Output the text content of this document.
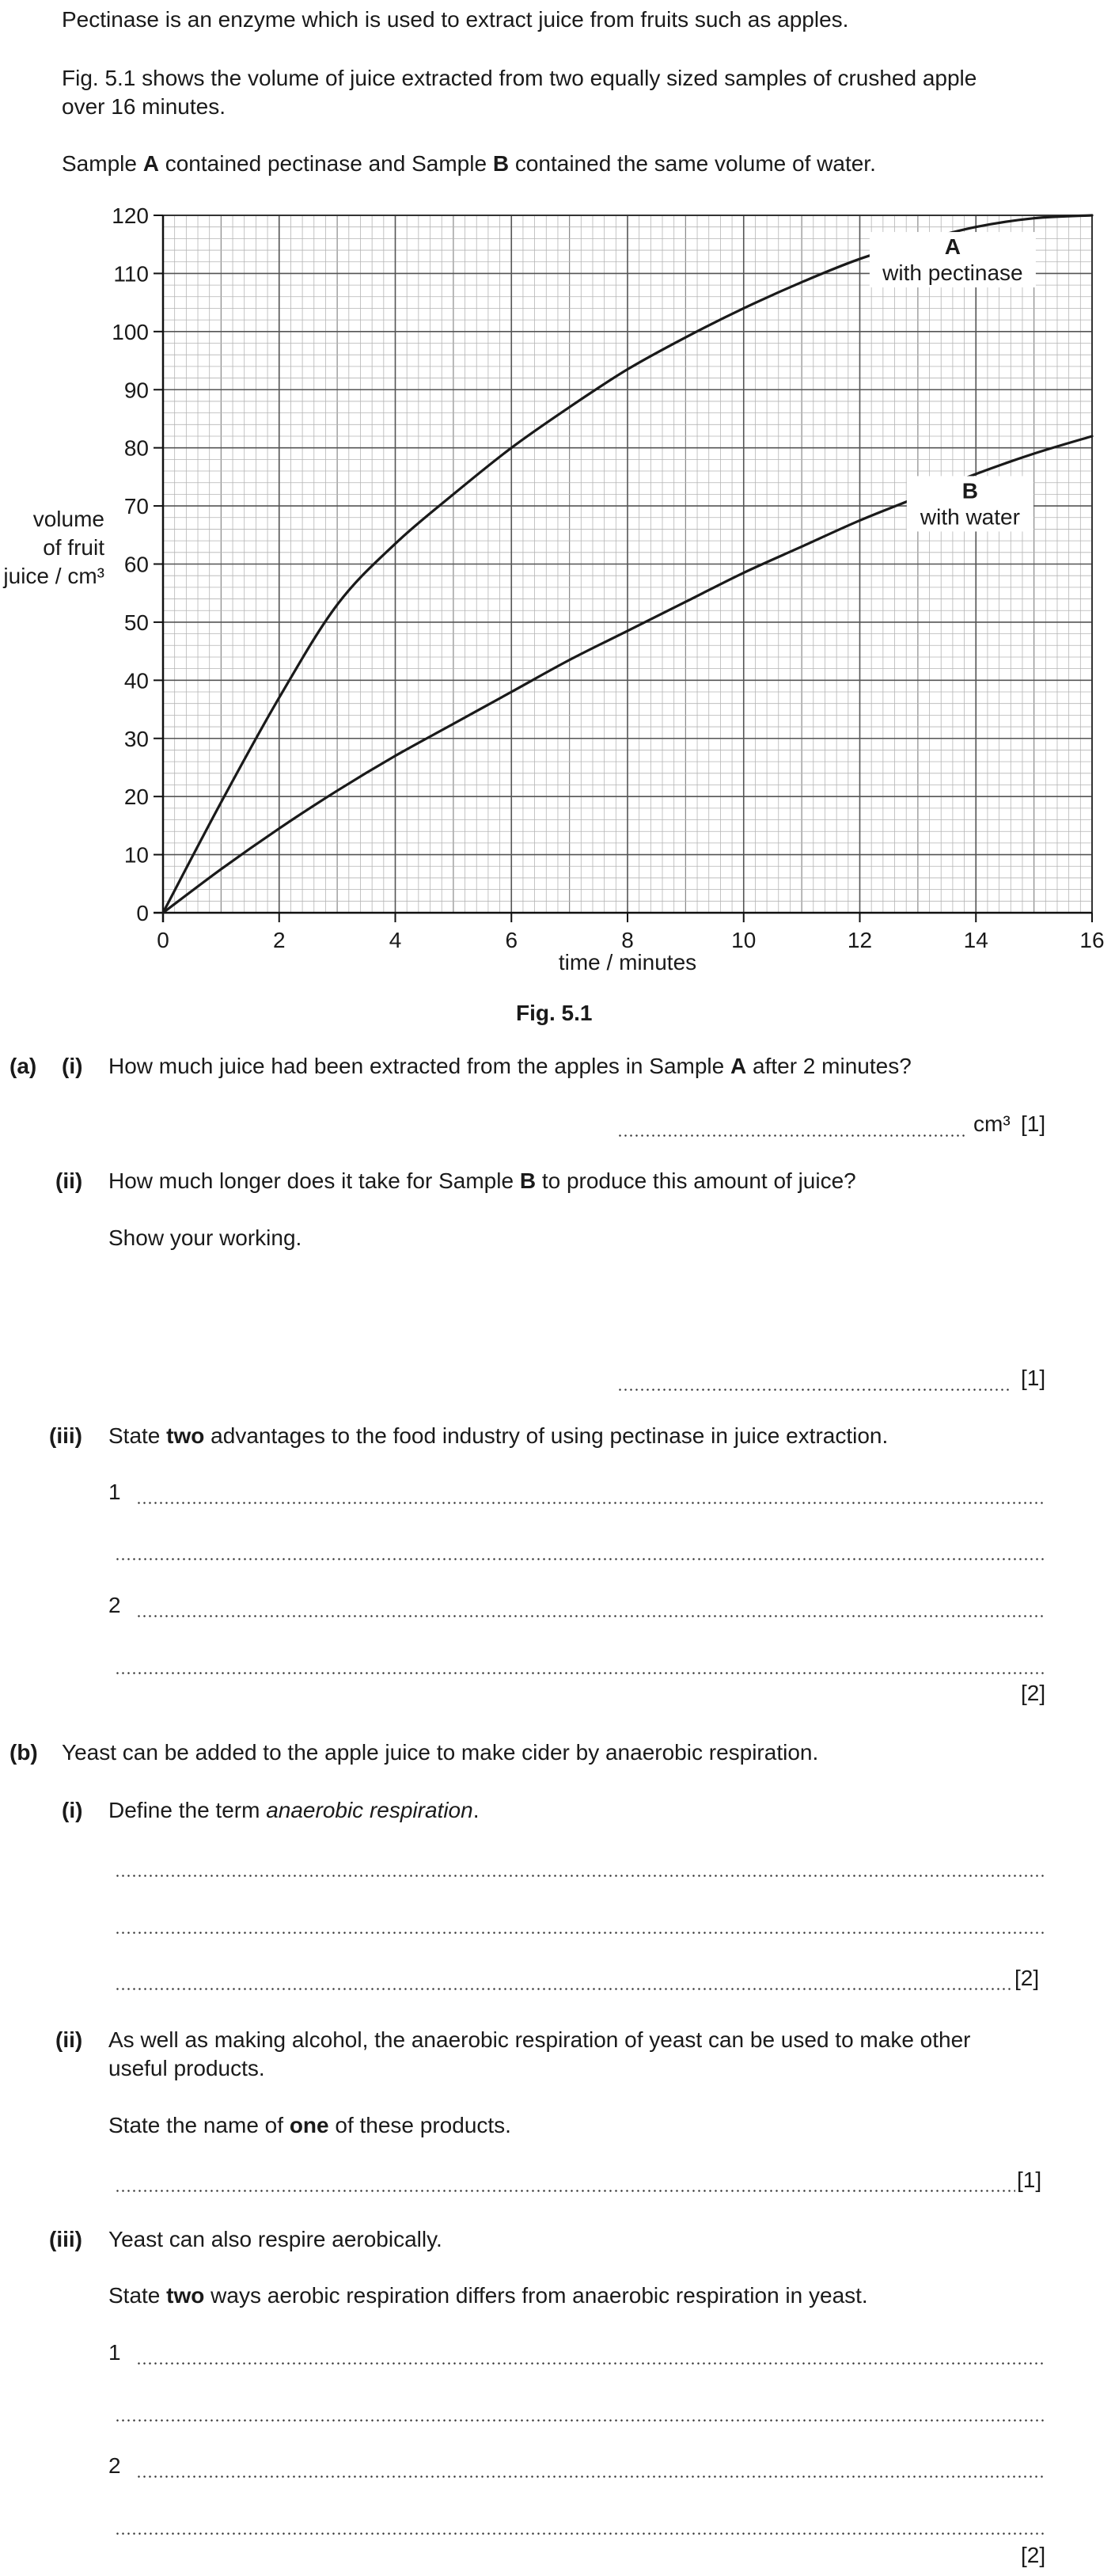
Pectinase is an enzyme which is used to extract juice from fruits such as apples.
Fig. 5.1 shows the volume of juice extracted from two equally sized samples of crushed apple
over 16 minutes.
Sample A contained pectinase and Sample B contained the same volume of water.
0
10
20
30
40
50
60
70
80
90
100
110
120
0	2	4	6	8	10	12	14	16
A
with pectinase
B
with water
time / minutes
volume
of fruit
juice / cm³
Fig. 5.1
(a) (i) How much juice had been extracted from the apples in Sample A after 2 minutes?
cm³ [1]
(ii) How much longer does it take for Sample B to produce this amount of juice?
Show your working.
[1]
(iii) State two advantages to the food industry of using pectinase in juice extraction.
1
2
[2]
(b) Yeast can be added to the apple juice to make cider by anaerobic respiration.
(i) Define the term anaerobic respiration.
[2]
(ii) As well as making alcohol, the anaerobic respiration of yeast can be used to make other
useful products.
State the name of one of these products.
[1]
(iii) Yeast can also respire aerobically.
State two ways aerobic respiration differs from anaerobic respiration in yeast.
1
2
[2]
